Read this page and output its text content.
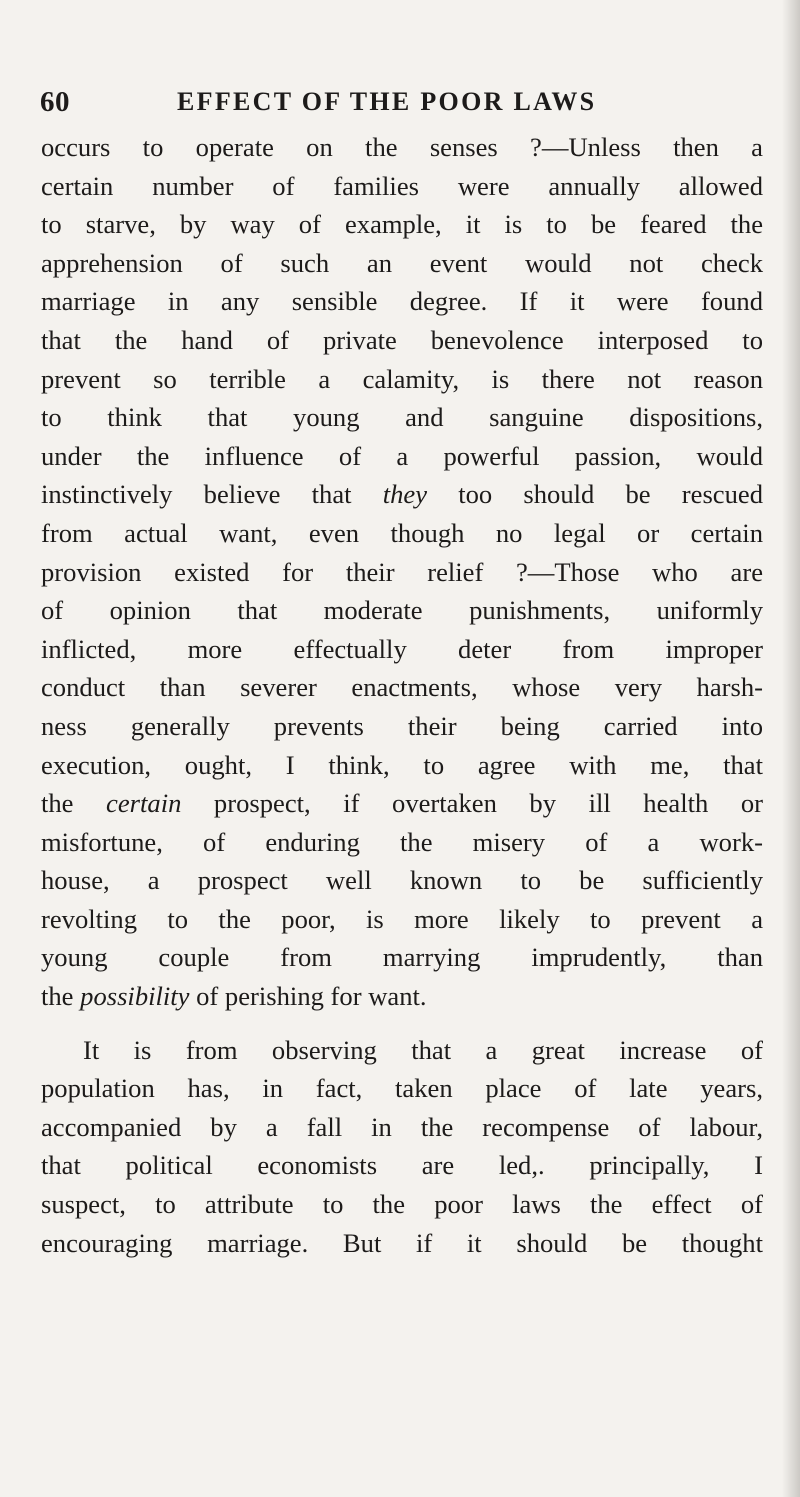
60	EFFECT OF THE POOR LAWS
occurs to operate on the senses ?—Unless then a
certain number of families were annually allowed
to starve, by way of example, it is to be feared the
apprehension of such an event would not check
marriage in any sensible degree. If it were found
that the hand of private benevolence interposed to
prevent so terrible a calamity, is there not reason
to think that young and sanguine dispositions,
under the influence of a powerful passion, would
instinctively believe that they too should be rescued
from actual want, even though no legal or certain
provision existed for their relief ?—Those who are
of opinion that moderate punishments, uniformly
inflicted, more effectually deter from improper
conduct than severer enactments, whose very harsh-
ness generally prevents their being carried into
execution, ought, I think, to agree with me, that
the certain prospect, if overtaken by ill health or
misfortune, of enduring the misery of a work-
house, a prospect well known to be sufficiently
revolting to the poor, is more likely to prevent a
young couple from marrying imprudently, than
the possibility of perishing for want.
It is from observing that a great increase of
population has, in fact, taken place of late years,
accompanied by a fall in the recompense of labour,
that political economists are led,. principally, I
suspect, to attribute to the poor laws the effect of
encouraging marriage. But if it should be thought
